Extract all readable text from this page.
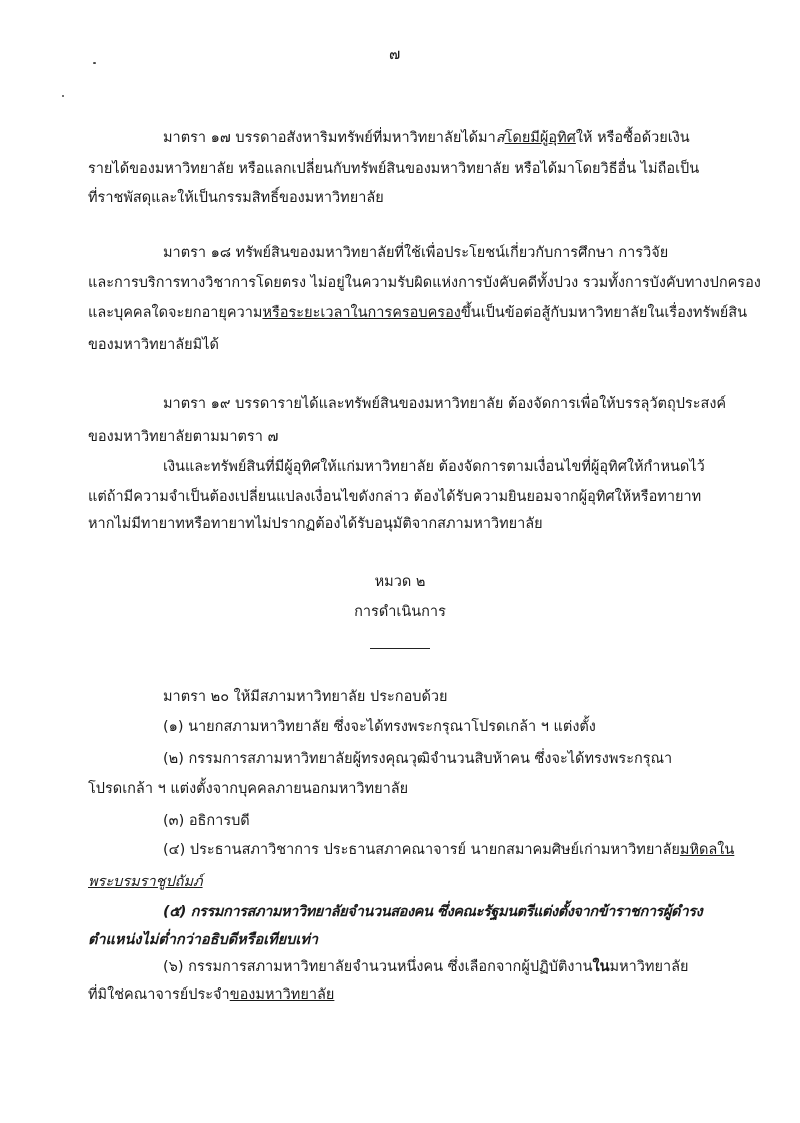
๗
มาตรา ๑๗ บรรดาอสังหาริมทรัพย์ที่มหาวิทยาลัยได้มาสโดยมีผู้อุทิศให้ หรือซื้อด้วยเงิน
รายได้ของมหาวิทยาลัย หรือแลกเปลี่ยนกับทรัพย์สินของมหาวิทยาลัย หรือได้มาโดยวิธีอื่น ไม่ถือเป็น
ที่ราชพัสดุและให้เป็นกรรมสิทธิ์ของมหาวิทยาลัย
มาตรา ๑๘ ทรัพย์สินของมหาวิทยาลัยที่ใช้เพื่อประโยชน์เกี่ยวกับการศึกษา การวิจัย
และการบริการทางวิชาการโดยตรง ไม่อยู่ในความรับผิดแห่งการบังคับคดีทั้งปวง รวมทั้งการบังคับทางปกครอง
และบุคคลใดจะยกอายุความหรือระยะเวลาในการครอบครองขึ้นเป็นข้อต่อสู้กับมหาวิทยาลัยในเรื่องทรัพย์สิน
ของมหาวิทยาลัยมิได้
มาตรา ๑๙ บรรดารายได้และทรัพย์สินของมหาวิทยาลัย ต้องจัดการเพื่อให้บรรลุวัตถุประสงค์
ของมหาวิทยาลัยตามมาตรา ๗
เงินและทรัพย์สินที่มีผู้อุทิศให้แก่มหาวิทยาลัย ต้องจัดการตามเงื่อนไขที่ผู้อุทิศให้กำหนดไว้
แต่ถ้ามีความจำเป็นต้องเปลี่ยนแปลงเงื่อนไขดังกล่าว ต้องได้รับความยินยอมจากผู้อุทิศให้หรือทายาท
หากไม่มีทายาทหรือทายาทไม่ปรากฏต้องได้รับอนุมัติจากสภามหาวิทยาลัย
หมวด ๒
การดำเนินการ
มาตรา ๒๐ ให้มีสภามหาวิทยาลัย ประกอบด้วย
(๑) นายกสภามหาวิทยาลัย ซึ่งจะได้ทรงพระกรุณาโปรดเกล้า ฯ แต่งตั้ง
(๒) กรรมการสภามหาวิทยาลัยผู้ทรงคุณวุฒิจำนวนสิบห้าคน ซึ่งจะได้ทรงพระกรุณา
โปรดเกล้า ฯ แต่งตั้งจากบุคคลภายนอกมหาวิทยาลัย
(๓) อธิการบดี
(๔) ประธานสภาวิชาการ ประธานสภาคณาจารย์ นายกสมาคมศิษย์เก่ามหาวิทยาลัยมหิดลใน
พระบรมราชูปถัมภ์
(๕) กรรมการสภามหาวิทยาลัยจำนวนสองคน ซึ่งคณะรัฐมนตรีแต่งตั้งจากข้าราชการผู้ดำรง
ตำแหน่งไม่ต่ำกว่าอธิบดีหรือเทียบเท่า
(๖) กรรมการสภามหาวิทยาลัยจำนวนหนึ่งคน ซึ่งเลือกจากผู้ปฏิบัติงานในมหาวิทยาลัย
ที่มิใช่คณาจารย์ประจำของมหาวิทยาลัย
